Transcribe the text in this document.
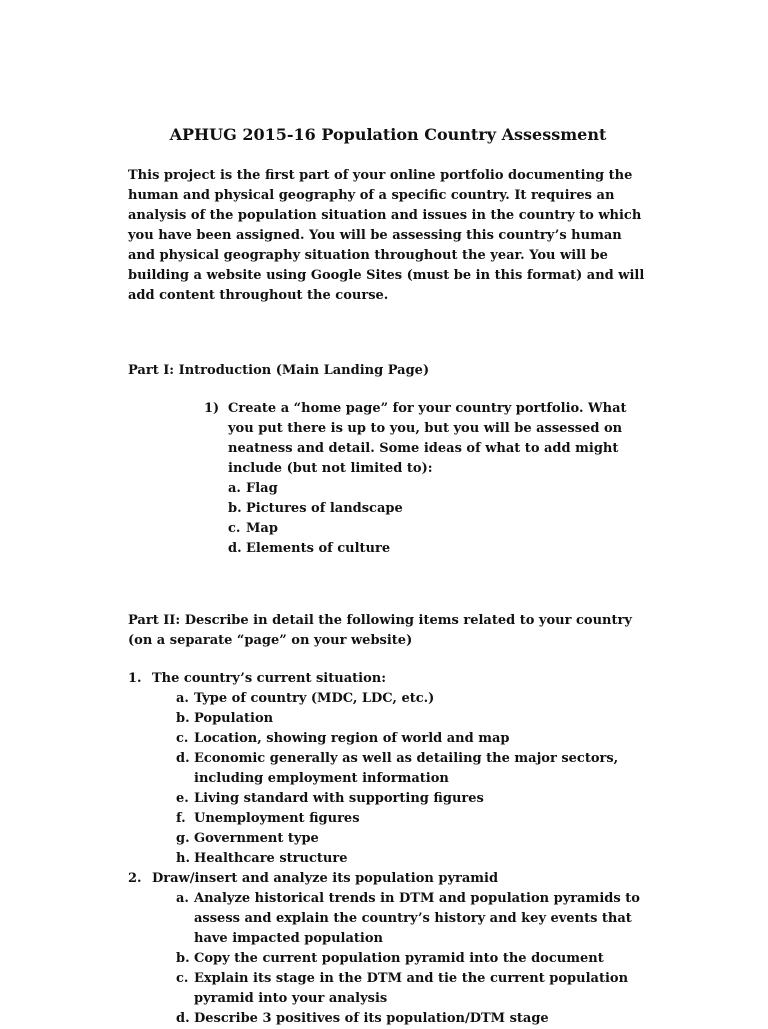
APHUG 2015-16 Population Country Assessment

This project is the first part of your online portfolio documenting the human and physical geography of a specific country. It requires an analysis of the population situation and issues in the country to which you have been assigned. You will be assessing this country’s human and physical geography situation throughout the year. You will be building a website using Google Sites (must be in this format) and will add content throughout the course.

Part I: Introduction (Main Landing Page)

1) Create a “home page” for your country portfolio. What you put there is up to you, but you will be assessed on neatness and detail. Some ideas of what to add might include (but not limited to):
a. Flag
b. Pictures of landscape
c. Map
d. Elements of culture

Part II: Describe in detail the following items related to your country (on a separate “page” on your website)

1. The country’s current situation:
a. Type of country (MDC, LDC, etc.)
b. Population
c. Location, showing region of world and map
d. Economic generally as well as detailing the major sectors, including employment information
e. Living standard with supporting figures
f. Unemployment figures
g. Government type
h. Healthcare structure
2. Draw/insert and analyze its population pyramid
a. Analyze historical trends in DTM and population pyramids to assess and explain the country’s history and key events that have impacted population
b. Copy the current population pyramid into the document
c. Explain its stage in the DTM and tie the current population pyramid into your analysis
d. Describe 3 positives of its population/DTM stage
